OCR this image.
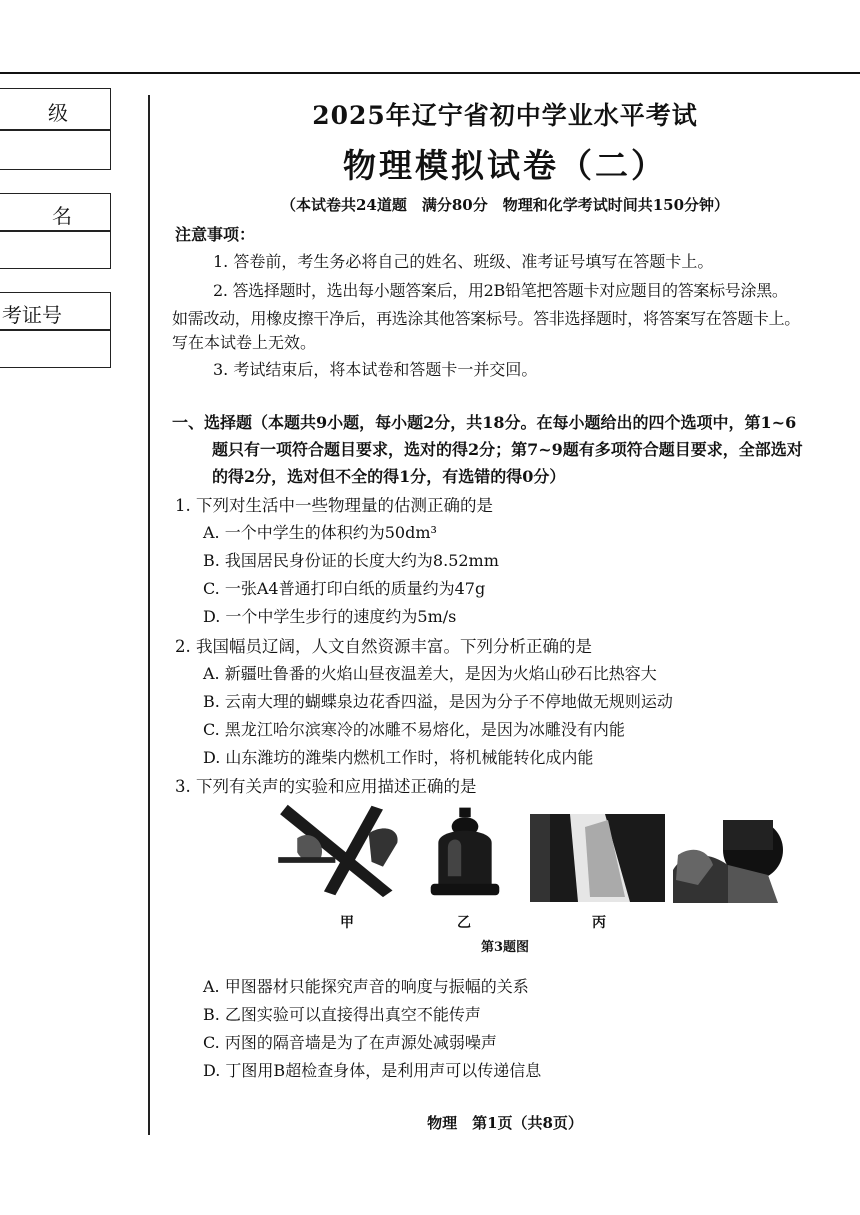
级
名
考证号
2025年辽宁省初中学业水平考试
物理模拟试卷（二）
（本试卷共24道题　满分80分　物理和化学考试时间共150分钟）
注意事项：
1. 答卷前，考生务必将自己的姓名、班级、准考证号填写在答题卡上。
2. 答选择题时，选出每小题答案后，用2B铅笔把答题卡对应题目的答案标号涂黑。
如需改动，用橡皮擦干净后，再选涂其他答案标号。答非选择题时，将答案写在答题卡上。
写在本试卷上无效。
3. 考试结束后，将本试卷和答题卡一并交回。
一、选择题（本题共9小题，每小题2分，共18分。在每小题给出的四个选项中，第1~6
题只有一项符合题目要求，选对的得2分；第7~9题有多项符合题目要求，全部选对
的得2分，选对但不全的得1分，有选错的得0分）
1. 下列对生活中一些物理量的估测正确的是
A. 一个中学生的体积约为50dm³
B. 我国居民身份证的长度大约为8.52mm
C. 一张A4普通打印白纸的质量约为47g
D. 一个中学生步行的速度约为5m/s
2. 我国幅员辽阔，人文自然资源丰富。下列分析正确的是
A. 新疆吐鲁番的火焰山昼夜温差大，是因为火焰山砂石比热容大
B. 云南大理的蝴蝶泉边花香四溢，是因为分子不停地做无规则运动
C. 黑龙江哈尔滨寒冷的冰雕不易熔化，是因为冰雕没有内能
D. 山东潍坊的潍柴内燃机工作时，将机械能转化成内能
3. 下列有关声的实验和应用描述正确的是
甲	乙	丙
第3题图
A. 甲图器材只能探究声音的响度与振幅的关系
B. 乙图实验可以直接得出真空不能传声
C. 丙图的隔音墙是为了在声源处减弱噪声
D. 丁图用B超检查身体，是利用声可以传递信息
物理　第1页（共8页）
